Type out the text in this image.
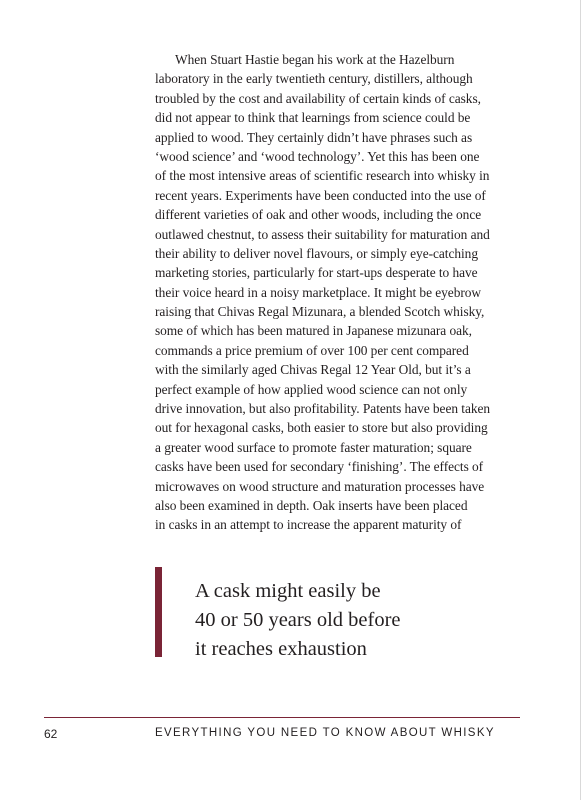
When Stuart Hastie began his work at the Hazelburn
laboratory in the early twentieth century, distillers, although
troubled by the cost and availability of certain kinds of casks,
did not appear to think that learnings from science could be
applied to wood. They certainly didn’t have phrases such as
‘wood science’ and ‘wood technology’. Yet this has been one
of the most intensive areas of scientific research into whisky in
recent years. Experiments have been conducted into the use of
different varieties of oak and other woods, including the once
outlawed chestnut, to assess their suitability for maturation and
their ability to deliver novel flavours, or simply eye-catching
marketing stories, particularly for start-ups desperate to have
their voice heard in a noisy marketplace. It might be eyebrow
raising that Chivas Regal Mizunara, a blended Scotch whisky,
some of which has been matured in Japanese mizunara oak,
commands a price premium of over 100 per cent compared
with the similarly aged Chivas Regal 12 Year Old, but it’s a
perfect example of how applied wood science can not only
drive innovation, but also profitability. Patents have been taken
out for hexagonal casks, both easier to store but also providing
a greater wood surface to promote faster maturation; square
casks have been used for secondary ‘finishing’. The effects of
microwaves on wood structure and maturation processes have
also been examined in depth. Oak inserts have been placed
in casks in an attempt to increase the apparent maturity of
A cask might easily be
40 or 50 years old before
it reaches exhaustion
62	EVERYTHING YOU NEED TO KNOW ABOUT WHISKY
